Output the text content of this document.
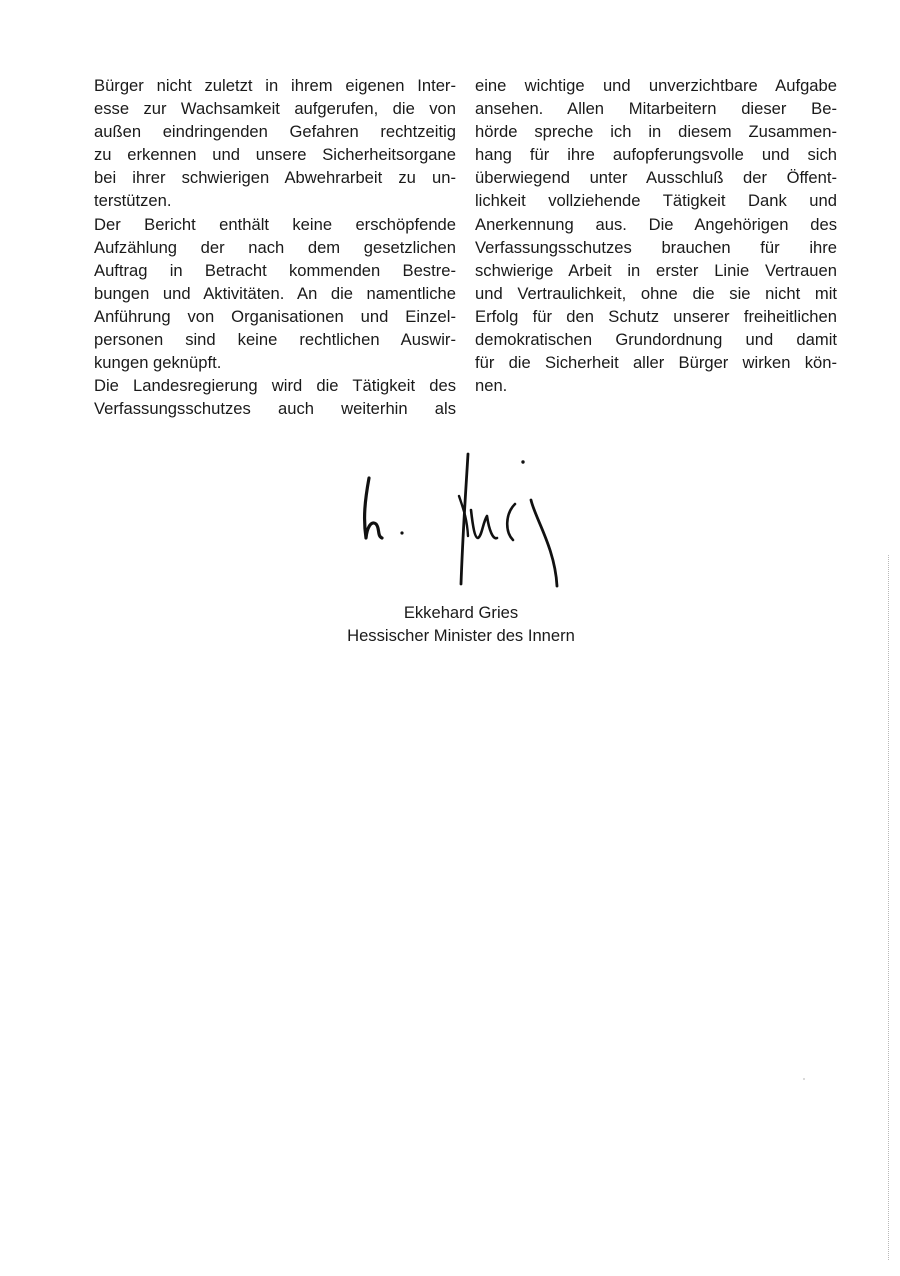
Bürger nicht zuletzt in ihrem eigenen Inter-
esse zur Wachsamkeit aufgerufen, die von
außen eindringenden Gefahren rechtzeitig
zu erkennen und unsere Sicherheitsorgane
bei ihrer schwierigen Abwehrarbeit zu un-
terstützen.
Der Bericht enthält keine erschöpfende
Aufzählung der nach dem gesetzlichen
Auftrag in Betracht kommenden Bestre-
bungen und Aktivitäten. An die namentliche
Anführung von Organisationen und Einzel-
personen sind keine rechtlichen Auswir-
kungen geknüpft.
Die Landesregierung wird die Tätigkeit des
Verfassungsschutzes auch weiterhin als
eine wichtige und unverzichtbare Aufgabe
ansehen. Allen Mitarbeitern dieser Be-
hörde spreche ich in diesem Zusammen-
hang für ihre aufopferungsvolle und sich
überwiegend unter Ausschluß der Öffent-
lichkeit vollziehende Tätigkeit Dank und
Anerkennung aus. Die Angehörigen des
Verfassungsschutzes brauchen für ihre
schwierige Arbeit in erster Linie Vertrauen
und Vertraulichkeit, ohne die sie nicht mit
Erfolg für den Schutz unserer freiheitlichen
demokratischen Grundordnung und damit
für die Sicherheit aller Bürger wirken kön-
nen.
Ekkehard Gries
Hessischer Minister des Innern
